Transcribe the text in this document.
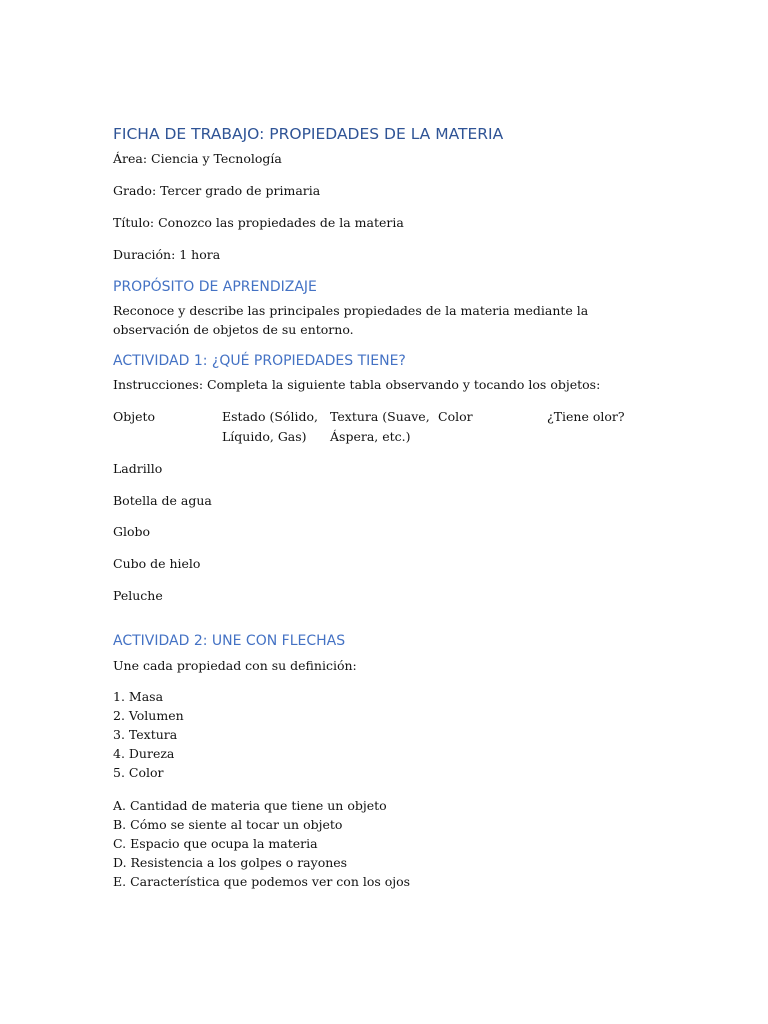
FICHA DE TRABAJO: PROPIEDADES DE LA MATERIA
Área: Ciencia y Tecnología
Grado: Tercer grado de primaria
Título: Conozco las propiedades de la materia
Duración: 1 hora
PROPÓSITO DE APRENDIZAJE
Reconoce y describe las principales propiedades de la materia mediante la observación de objetos de su entorno.
ACTIVIDAD 1: ¿QUÉ PROPIEDADES TIENE?
Instrucciones: Completa la siguiente tabla observando y tocando los objetos:
Objeto	Estado (Sólido, Líquido, Gas)
Textura (Suave, Áspera, etc.)
Color	¿Tiene olor?
Ladrillo
Botella de agua
Globo
Cubo de hielo
Peluche
ACTIVIDAD 2: UNE CON FLECHAS
Une cada propiedad con su definición:
1. Masa
2. Volumen
3. Textura
4. Dureza
5. Color
A. Cantidad de materia que tiene un objeto
B. Cómo se siente al tocar un objeto
C. Espacio que ocupa la materia
D. Resistencia a los golpes o rayones
E. Característica que podemos ver con los ojos
